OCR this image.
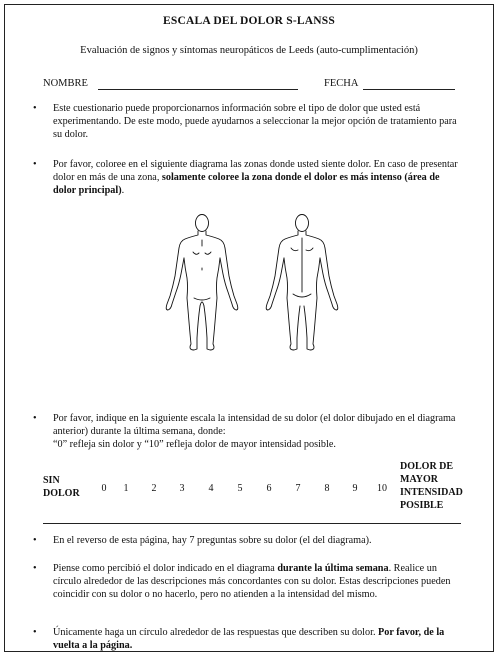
ESCALA DEL DOLOR S-LANSS
Evaluación de signos y síntomas neuropáticos de Leeds (auto-cumplimentación)
NOMBRE	FECHA
• Este cuestionario puede proporcionarnos información sobre el tipo de dolor que usted está experimentando. De este modo, puede ayudarnos a seleccionar la mejor opción de tratamiento para su dolor.
• Por favor, coloree en el siguiente diagrama las zonas donde usted siente dolor. En caso de presentar dolor en más de una zona, solamente coloree la zona donde el dolor es más intenso (área de dolor principal).
• Por favor, indique en la siguiente escala la intensidad de su dolor (el dolor dibujado en el diagrama anterior) durante la última semana, donde:
“0” refleja sin dolor y “10” refleja dolor de mayor intensidad posible.
SIN
DOLOR	0	1	2	3	4	5	6	7	8	9	10
DOLOR DE
MAYOR
INTENSIDAD
POSIBLE
• En el reverso de esta página, hay 7 preguntas sobre su dolor (el del diagrama).
• Piense como percibió el dolor indicado en el diagrama durante la última semana. Realice un círculo alrededor de las descripciones más concordantes con su dolor. Estas descripciones pueden coincidir con su dolor o no hacerlo, pero no atienden a la intensidad del mismo.
• Únicamente haga un círculo alrededor de las respuestas que describen su dolor. Por favor, de la vuelta a la página.
